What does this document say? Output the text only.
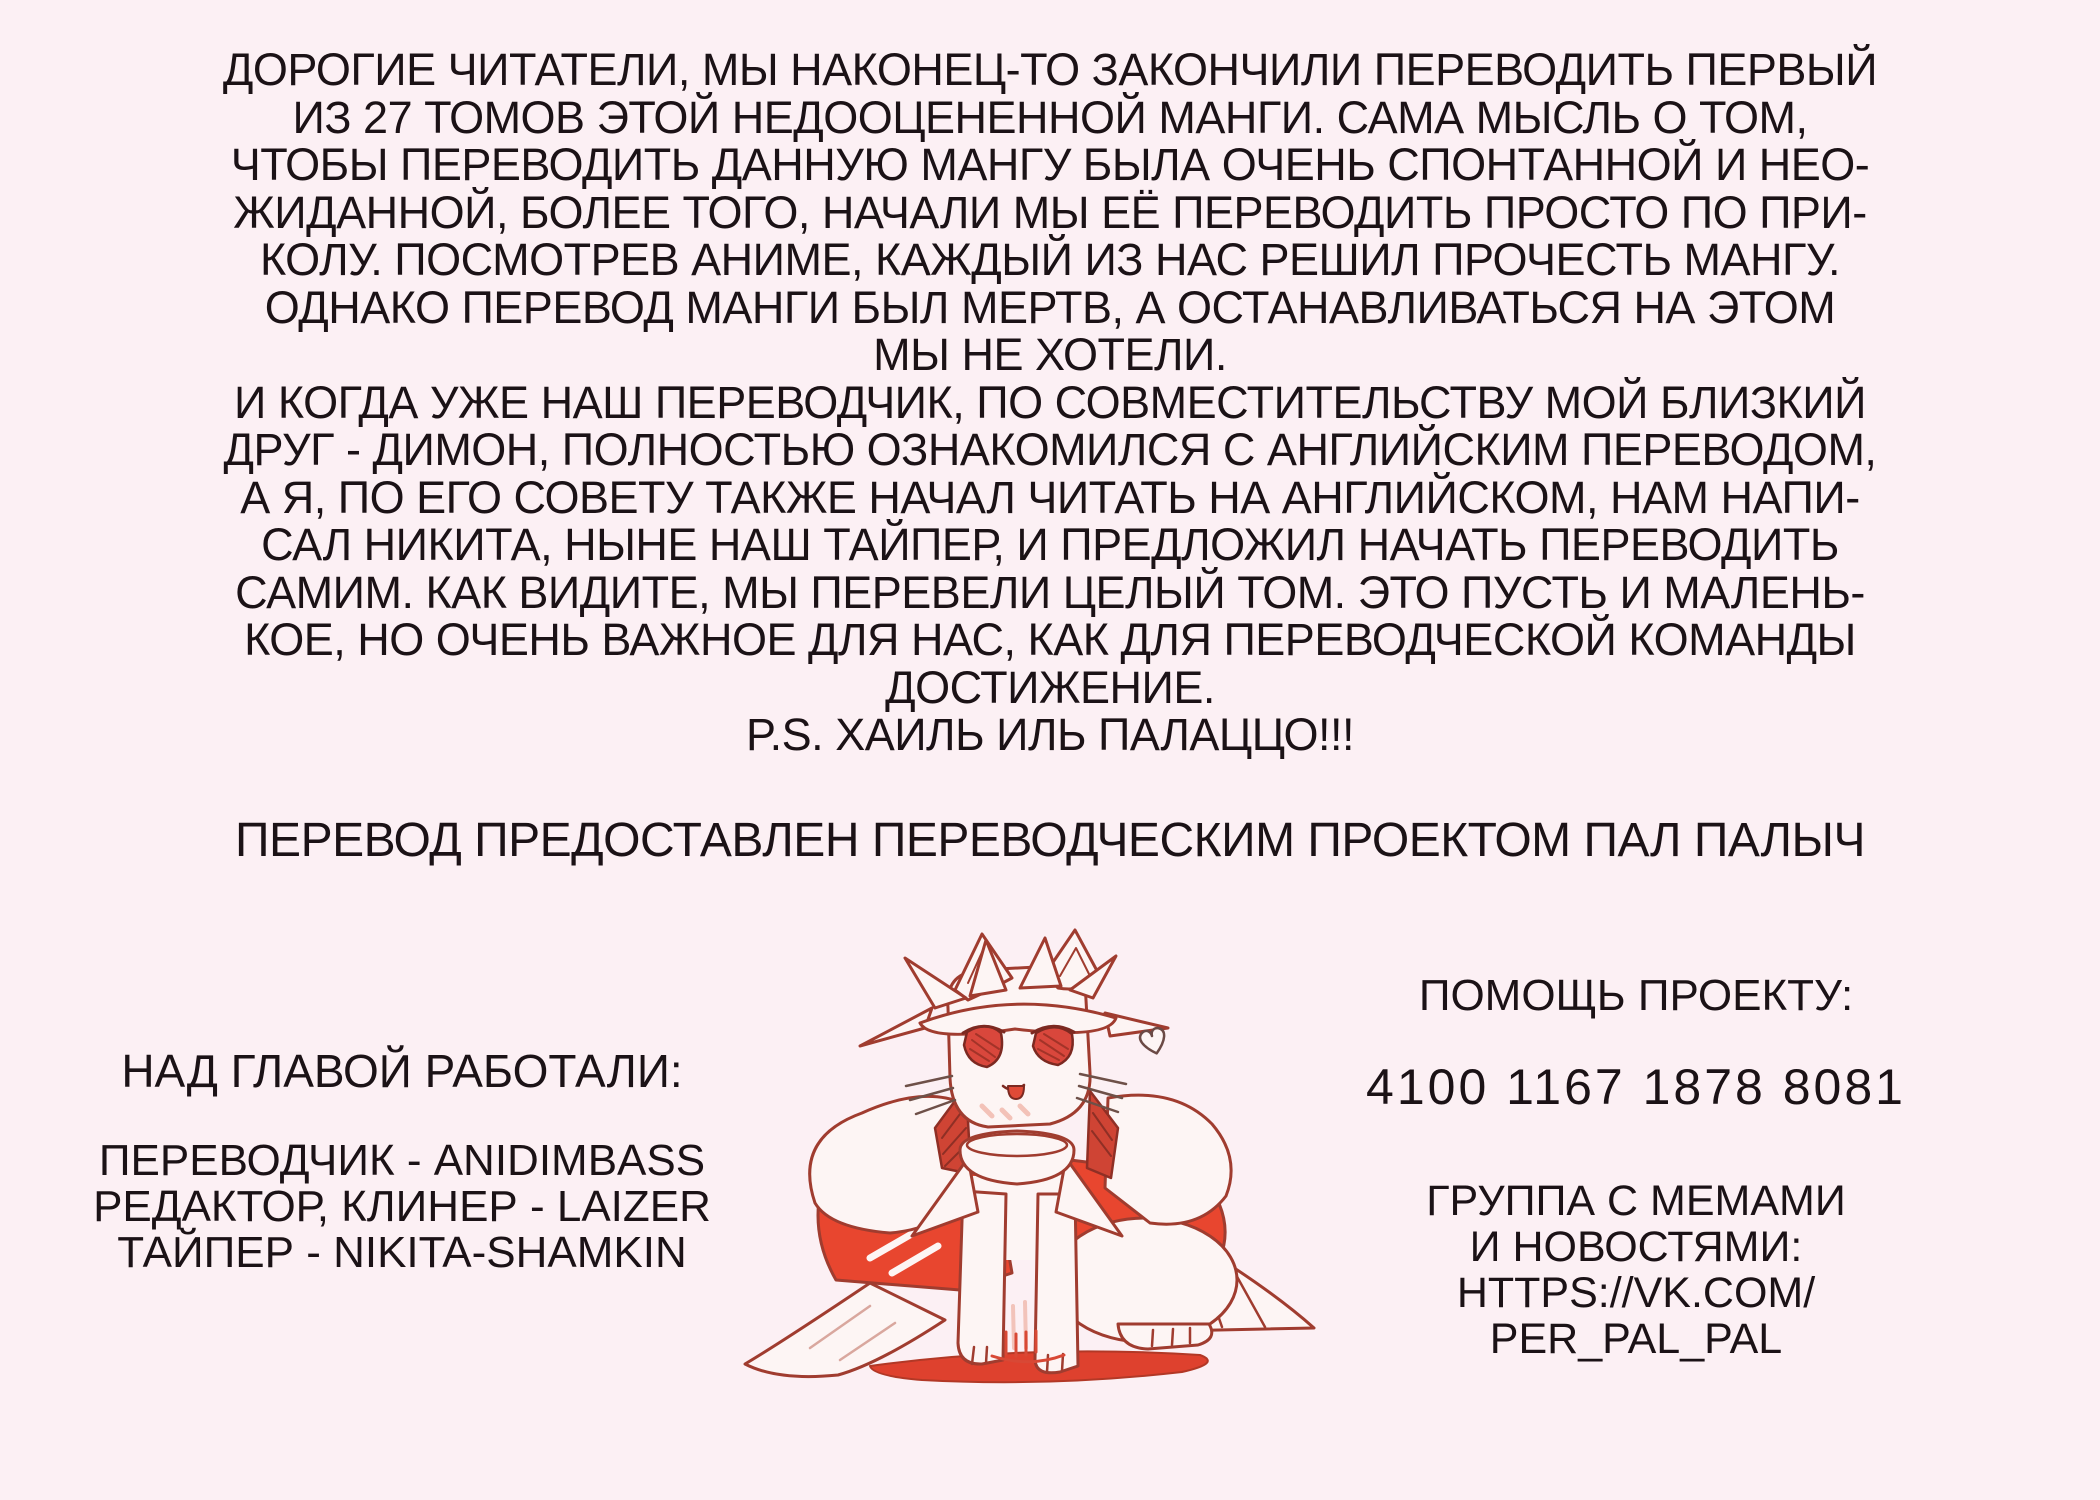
ДОРОГИЕ ЧИТАТЕЛИ, МЫ НАКОНЕЦ-ТО ЗАКОНЧИЛИ ПЕРЕВОДИТЬ ПЕРВЫЙ
ИЗ 27 ТОМОВ ЭТОЙ НЕДООЦЕНЕННОЙ МАНГИ. САМА МЫСЛЬ О ТОМ,
ЧТОБЫ ПЕРЕВОДИТЬ ДАННУЮ МАНГУ БЫЛА ОЧЕНЬ СПОНТАННОЙ И НЕО-
ЖИДАННОЙ, БОЛЕЕ ТОГО, НАЧАЛИ МЫ ЕЁ ПЕРЕВОДИТЬ ПРОСТО ПО ПРИ-
КОЛУ. ПОСМОТРЕВ АНИМЕ, КАЖДЫЙ ИЗ НАС РЕШИЛ ПРОЧЕСТЬ МАНГУ.
ОДНАКО ПЕРЕВОД МАНГИ БЫЛ МЕРТВ, А ОСТАНАВЛИВАТЬСЯ НА ЭТОМ
МЫ НЕ ХОТЕЛИ.
И КОГДА УЖЕ НАШ ПЕРЕВОДЧИК, ПО СОВМЕСТИТЕЛЬСТВУ МОЙ БЛИЗКИЙ
ДРУГ - ДИМОН, ПОЛНОСТЬЮ ОЗНАКОМИЛСЯ С АНГЛИЙСКИМ ПЕРЕВОДОМ,
А Я, ПО ЕГО СОВЕТУ ТАКЖЕ НАЧАЛ ЧИТАТЬ НА АНГЛИЙСКОМ, НАМ НАПИ-
САЛ НИКИТА, НЫНЕ НАШ ТАЙПЕР, И ПРЕДЛОЖИЛ НАЧАТЬ ПЕРЕВОДИТЬ
САМИМ. КАК ВИДИТЕ, МЫ ПЕРЕВЕЛИ ЦЕЛЫЙ ТОМ. ЭТО ПУСТЬ И МАЛЕНЬ-
КОЕ, НО ОЧЕНЬ ВАЖНОЕ ДЛЯ НАС, КАК ДЛЯ ПЕРЕВОДЧЕСКОЙ КОМАНДЫ
ДОСТИЖЕНИЕ.
P.S. ХАИЛЬ ИЛЬ ПАЛАЦЦО!!!
ПЕРЕВОД ПРЕДОСТАВЛЕН ПЕРЕВОДЧЕСКИМ ПРОЕКТОМ ПАЛ ПАЛЫЧ
НАД ГЛАВОЙ РАБОТАЛИ:
ПЕРЕВОДЧИК - ANIDIMBASS
РЕДАКТОР, КЛИНЕР - LAIZER
ТАЙПЕР - NIKITA-SHAMKIN
ПОМОЩЬ ПРОЕКТУ:
4100 1167 1878 8081
ГРУППА С МЕМАМИ
И НОВОСТЯМИ:
HTTPS://VK.COM/
PER_PAL_PAL
